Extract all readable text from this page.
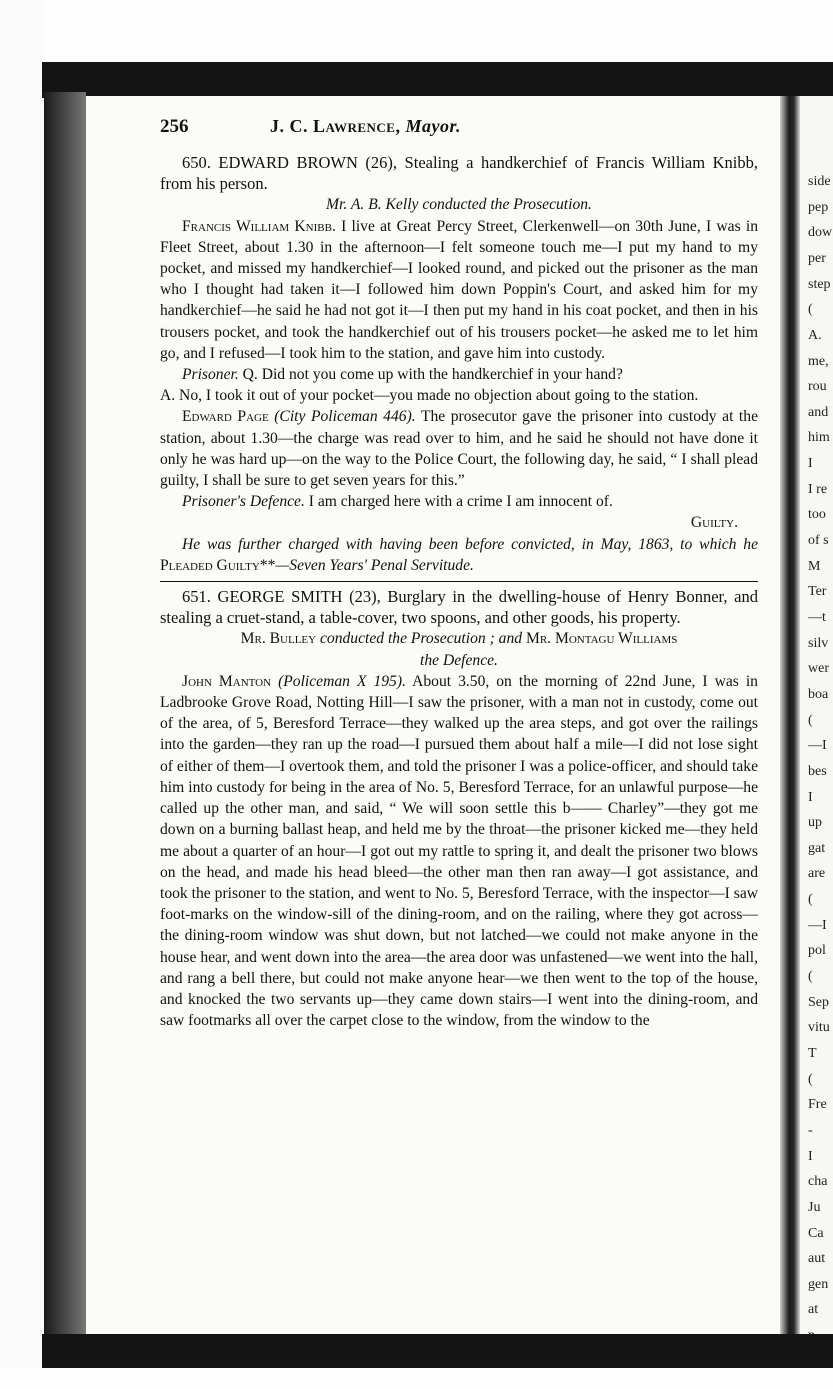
256	J. C. Lawrence, Mayor.

650. EDWARD BROWN (26), Stealing a handkerchief of Francis William Knibb, from his person.

Mr. A. B. Kelly conducted the Prosecution.

Francis William Knibb. I live at Great Percy Street, Clerkenwell—on 30th June, I was in Fleet Street, about 1.30 in the afternoon—I felt someone touch me—I put my hand to my pocket, and missed my handkerchief—I looked round, and picked out the prisoner as the man who I thought had taken it—I followed him down Poppin's Court, and asked him for my handkerchief—he said he had not got it—I then put my hand in his coat pocket, and then in his trousers pocket, and took the handkerchief out of his trousers pocket—he asked me to let him go, and I refused—I took him to the station, and gave him into custody.

Prisoner. Q. Did not you come up with the handkerchief in your hand?

A. No, I took it out of your pocket—you made no objection about going to the station.

Edward Page (City Policeman 446). The prosecutor gave the prisoner into custody at the station, about 1.30—the charge was read over to him, and he said he should not have done it only he was hard up—on the way to the Police Court, the following day, he said, “ I shall plead guilty, I shall be sure to get seven years for this.”

Prisoner's Defence. I am charged here with a crime I am innocent of.

Guilty.

He was further charged with having been before convicted, in May, 1863, to which he Pleaded Guilty**—Seven Years' Penal Servitude.

651. GEORGE SMITH (23), Burglary in the dwelling-house of Henry Bonner, and stealing a cruet-stand, a table-cover, two spoons, and other goods, his property.

Mr. Bulley conducted the Prosecution ; and Mr. Montagu Williams
the Defence.

John Manton (Policeman X 195). About 3.50, on the morning of 22nd June, I was in Ladbrooke Grove Road, Notting Hill—I saw the prisoner, with a man not in custody, come out of the area, of 5, Beresford Terrace—they walked up the area steps, and got over the railings into the garden—they ran up the road—I pursued them about half a mile—I did not lose sight of either of them—I overtook them, and told the prisoner I was a police-officer, and should take him into custody for being in the area of No. 5, Beresford Terrace, for an unlawful purpose—he called up the other man, and said, “ We will soon settle this b—— Charley”—they got me down on a burning ballast heap, and held me by the throat—the prisoner kicked me—they held me about a quarter of an hour—I got out my rattle to spring it, and dealt the prisoner two blows on the head, and made his head bleed—the other man then ran away—I got assistance, and took the prisoner to the station, and went to No. 5, Beresford Terrace, with the inspector—I saw foot-marks on the window-sill of the dining-room, and on the railing, where they got across—the dining-room window was shut down, but not latched—we could not make anyone in the house hear, and went down into the area—the area door was unfastened—we went into the hall, and rang a bell there, but could not make anyone hear—we then went to the top of the house, and knocked the two servants up—they came down stairs—I went into the dining-room, and saw footmarks all over the carpet close to the window, from the window to the

side
pep
dow
per
step
(
A.
me,
rou
and
him
I
I re
too
of s
M
Ter
—t
silv
wer
boa
(
—I
bes
I
up
gat
are
(
—I
pol
(
Sep
vitu
T
(
Fre
-
I
cha
Ju
Ca
aut
gen
at
